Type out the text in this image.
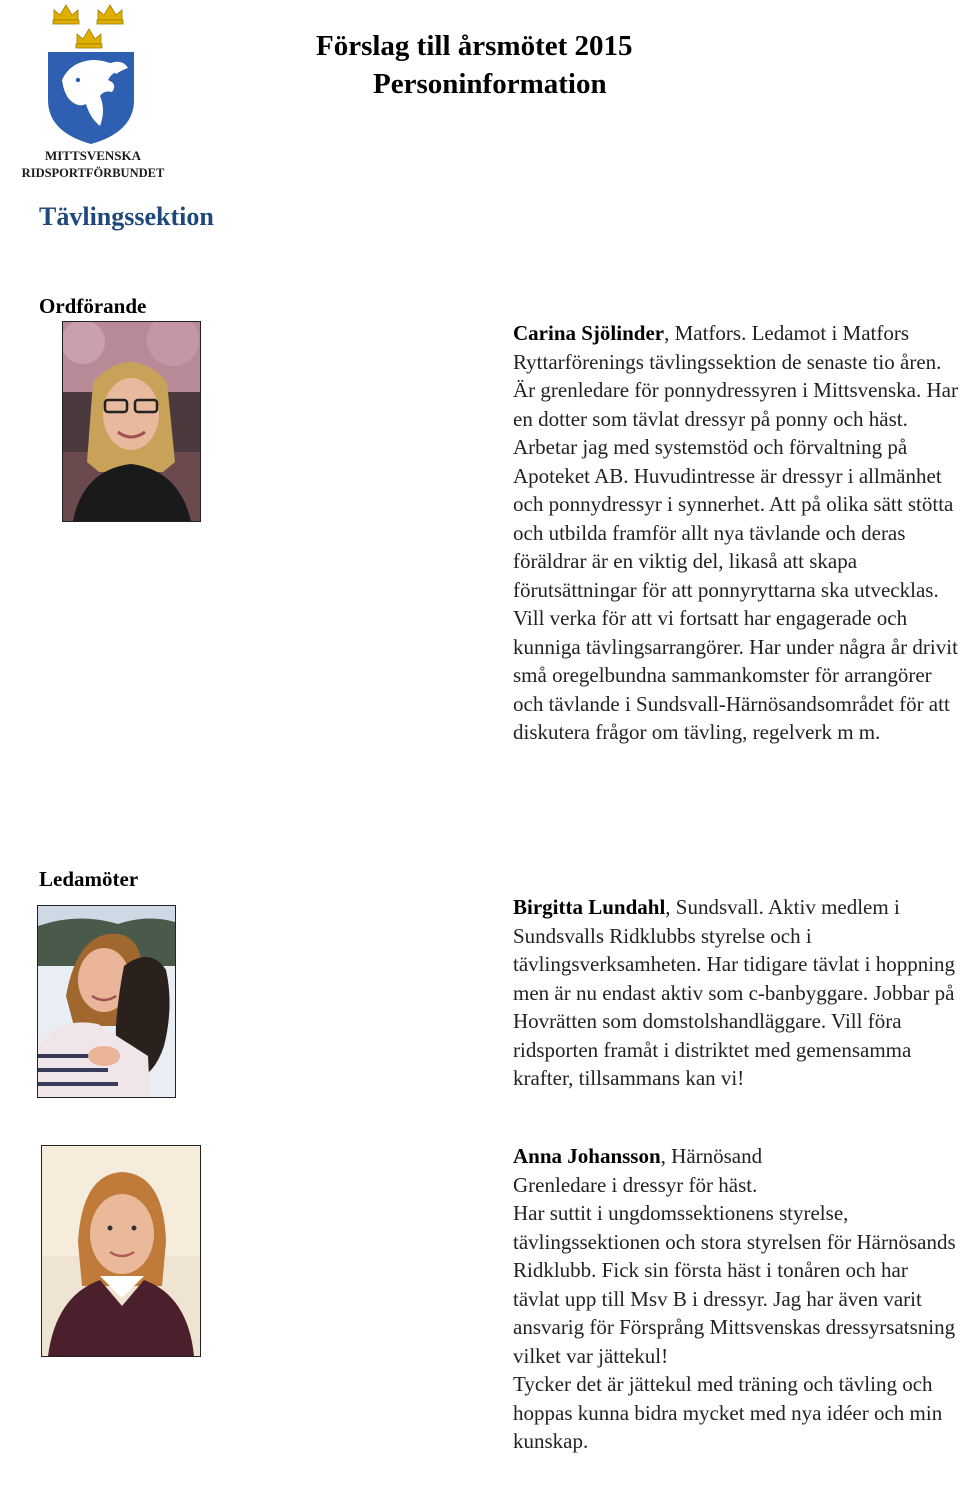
MITTSVENSKA
RIDSPORTFÖRBUNDET
Förslag till årsmötet 2015
Personinformation
Tävlingssektion
Ordförande
Ledamöter
Carina Sjölinder, Matfors. Ledamot i Matfors Ryttarförenings tävlingssektion de senaste tio åren. Är grenledare för ponnydressyren i Mittsvenska. Har en dotter som tävlat dressyr på ponny och häst. Arbetar jag med systemstöd och förvaltning på Apoteket AB. Huvudintresse är dressyr i allmänhet och ponnydressyr i synnerhet. Att på olika sätt stötta och utbilda framför allt nya tävlande och deras föräldrar är en viktig del, likaså att skapa förutsättningar för att ponnyryttarna ska utvecklas. Vill verka för att vi fortsatt har engagerade och kunniga tävlingsarrangörer. Har under några år drivit små oregelbundna sammankomster för arrangörer och tävlande i Sundsvall-Härnösandsområdet för att diskutera frågor om tävling, regelverk m m.
Birgitta Lundahl, Sundsvall. Aktiv medlem i Sundsvalls Ridklubbs styrelse och i tävlingsverksamheten. Har tidigare tävlat i hoppning men är nu endast aktiv som c-banbyggare. Jobbar på Hovrätten som domstolshandläggare. Vill föra ridsporten framåt i distriktet med gemensamma krafter, tillsammans kan vi!
Anna Johansson, Härnösand
Grenledare i dressyr för häst.
Har suttit i ungdomssektionens styrelse, tävlingssektionen och stora styrelsen för Härnösands Ridklubb. Fick sin första häst i tonåren och har tävlat upp till Msv B i dressyr. Jag har även varit ansvarig för Försprång Mittsvenskas dressyrsatsning vilket var jättekul!
Tycker det är jättekul med träning och tävling och hoppas kunna bidra mycket med nya idéer och min kunskap.
